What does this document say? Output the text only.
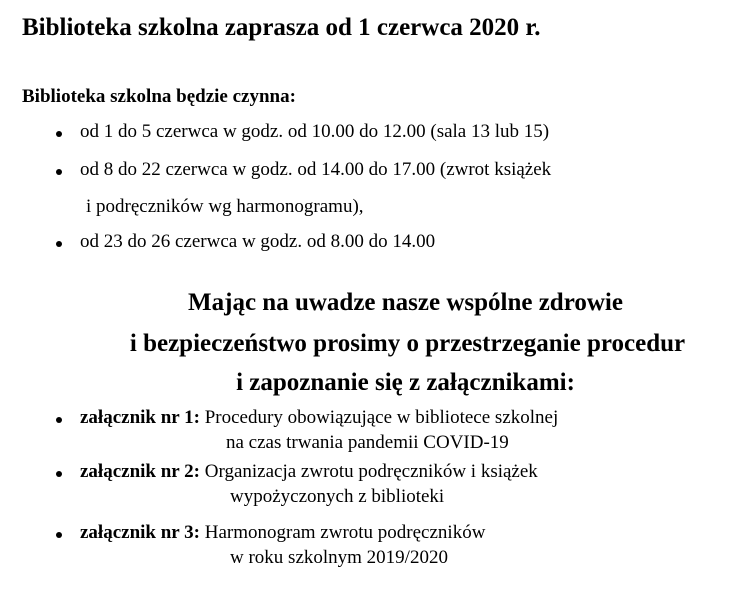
Biblioteka szkolna zaprasza od 1 czerwca 2020 r.
Biblioteka szkolna będzie czynna:
od 1 do 5 czerwca w godz. od 10.00 do 12.00 (sala 13 lub 15)
od 8 do 22 czerwca w godz. od 14.00 do 17.00 (zwrot książek
i podręczników wg harmonogramu),
od 23 do 26 czerwca w godz. od 8.00 do 14.00
Mając na uwadze nasze wspólne zdrowie
i bezpieczeństwo prosimy o przestrzeganie procedur
i zapoznanie się z załącznikami:
załącznik nr 1: Procedury obowiązujące w bibliotece szkolnej
na czas trwania pandemii COVID-19
załącznik nr 2: Organizacja zwrotu podręczników i książek
wypożyczonych z biblioteki
załącznik nr 3: Harmonogram zwrotu podręczników
w roku szkolnym 2019/2020
